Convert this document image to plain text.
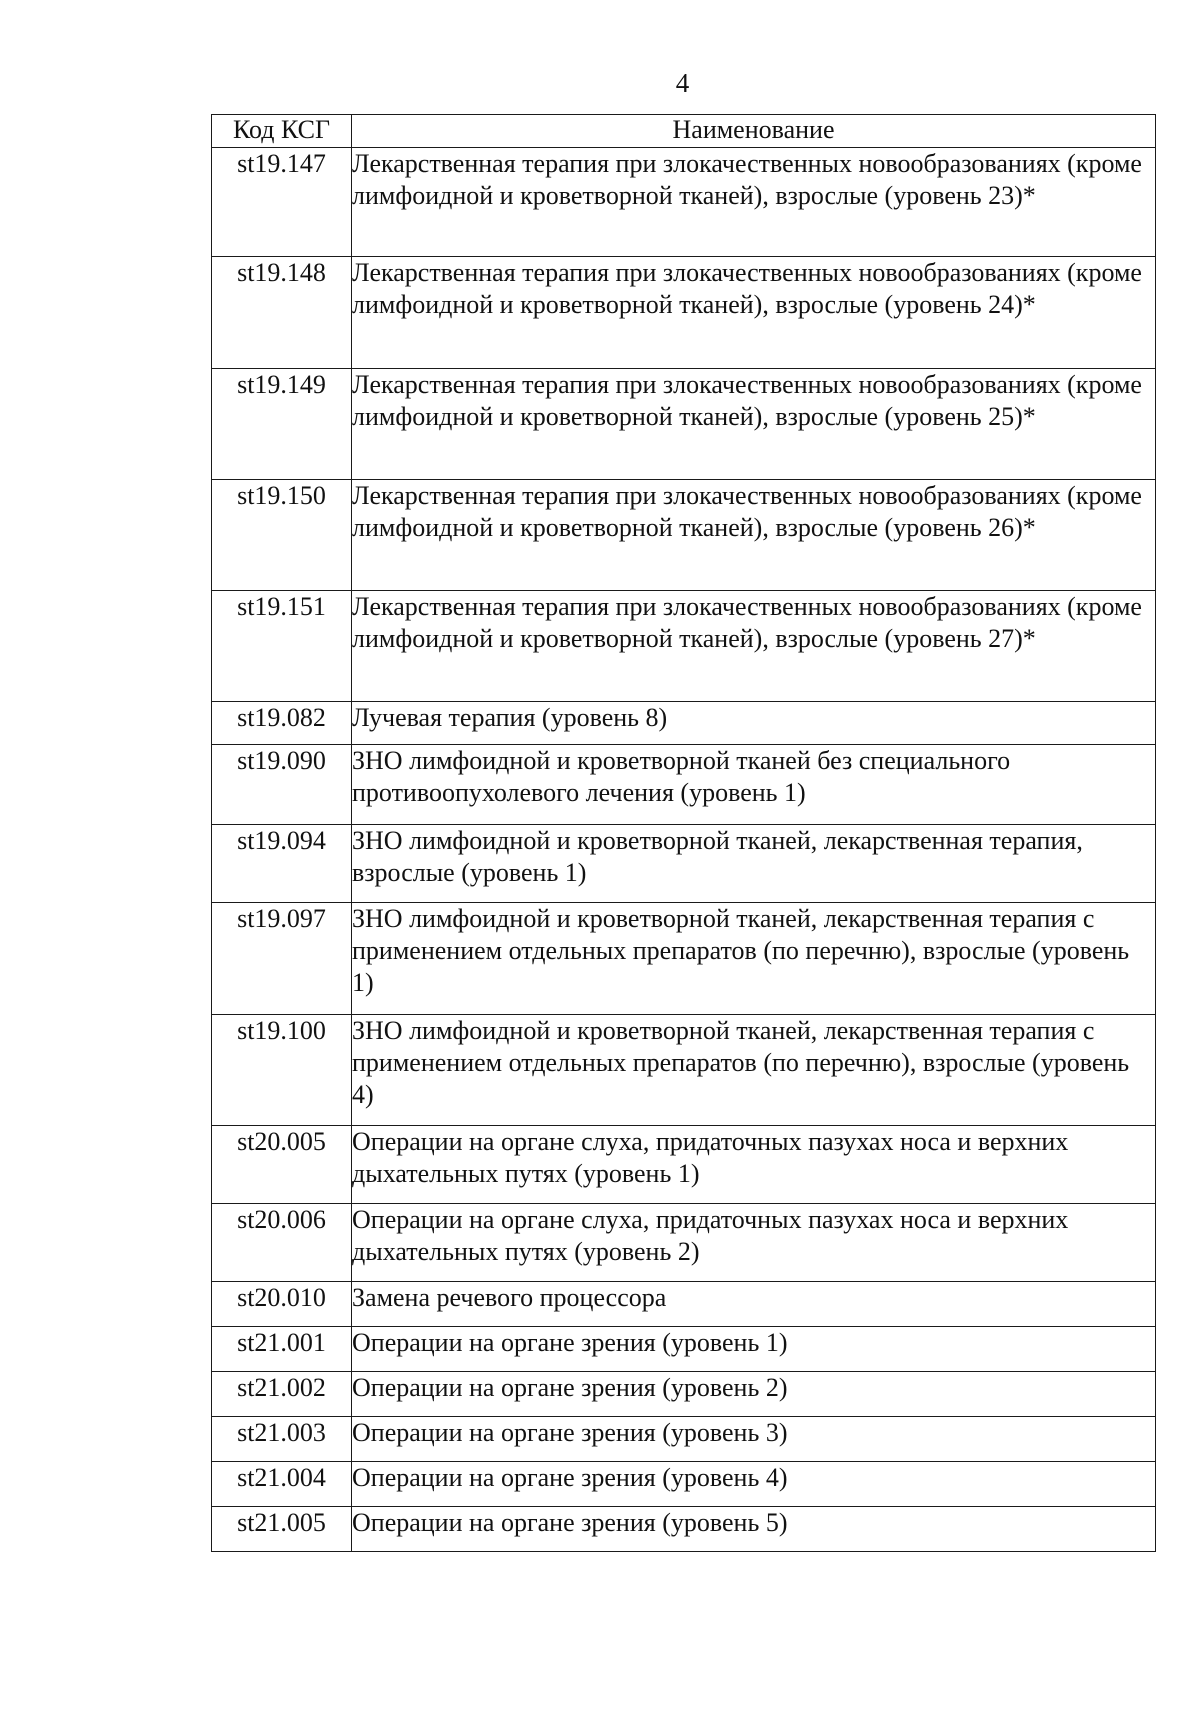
4
Код КСГ	Наименование
st19.147	Лекарственная терапия при злокачественных новообразованиях (кроме лимфоидной и кроветворной тканей), взрослые (уровень 23)*
st19.148	Лекарственная терапия при злокачественных новообразованиях (кроме лимфоидной и кроветворной тканей), взрослые (уровень 24)*
st19.149	Лекарственная терапия при злокачественных новообразованиях (кроме лимфоидной и кроветворной тканей), взрослые (уровень 25)*
st19.150	Лекарственная терапия при злокачественных новообразованиях (кроме лимфоидной и кроветворной тканей), взрослые (уровень 26)*
st19.151	Лекарственная терапия при злокачественных новообразованиях (кроме лимфоидной и кроветворной тканей), взрослые (уровень 27)*
st19.082	Лучевая терапия (уровень 8)
st19.090	ЗНО лимфоидной и кроветворной тканей без специального противоопухолевого лечения (уровень 1)
st19.094	ЗНО лимфоидной и кроветворной тканей, лекарственная терапия, взрослые (уровень 1)
st19.097	ЗНО лимфоидной и кроветворной тканей, лекарственная терапия с применением отдельных препаратов (по перечню), взрослые (уровень 1)
st19.100	ЗНО лимфоидной и кроветворной тканей, лекарственная терапия с применением отдельных препаратов (по перечню), взрослые (уровень 4)
st20.005	Операции на органе слуха, придаточных пазухах носа и верхних дыхательных путях (уровень 1)
st20.006	Операции на органе слуха, придаточных пазухах носа и верхних дыхательных путях (уровень 2)
st20.010	Замена речевого процессора
st21.001	Операции на органе зрения (уровень 1)
st21.002	Операции на органе зрения (уровень 2)
st21.003	Операции на органе зрения (уровень 3)
st21.004	Операции на органе зрения (уровень 4)
st21.005	Операции на органе зрения (уровень 5)
